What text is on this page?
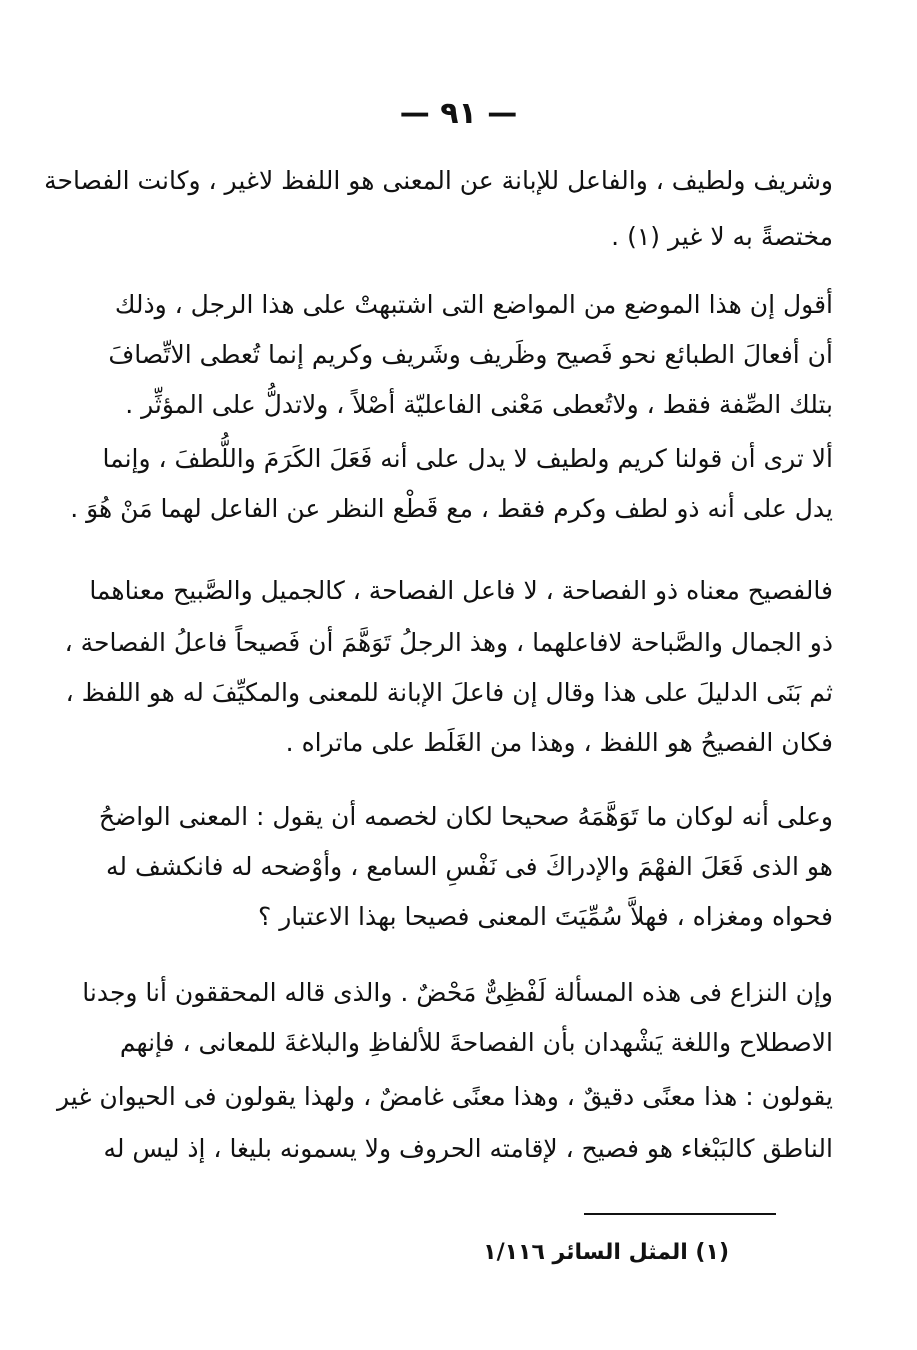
— ٩١ —
وشريف ولطيف ، والفاعل للإبانة عن المعنى هو اللفظ لاغير ، وكانت الفصاحة
مختصةً به لا غير (١) .
أقول إن هذا الموضع من المواضع التى اشتبهتْ على هذا الرجل ، وذلك
أن أفعالَ الطبائع نحو فَصيح وظَريف وشَريف وكريم إنما تُعطى الاتِّصافَ
بتلك الصِّفة فقط ، ولاتُعطى مَعْنى الفاعليّة أصْلاً ، ولاتدلُّ على المؤثِّر .
ألا ترى أن قولنا كريم ولطيف لا يدل على أنه فَعَلَ الكَرَمَ واللُّطفَ ، وإنما
يدل على أنه ذو لطف وكرم فقط ، مع قَطْع النظر عن الفاعل لهما مَنْ هُوَ .
فالفصيح معناه ذو الفصاحة ، لا فاعل الفصاحة ، كالجميل والصَّبيح معناهما
ذو الجمال والصَّباحة لافاعلهما ، وهذ الرجلُ تَوَهَّمَ أن فَصيحاً فاعلُ الفصاحة ،
ثم بَنَى الدليلَ على هذا وقال إن فاعلَ الإبانة للمعنى والمكيِّفَ له هو اللفظ ،
فكان الفصيحُ هو اللفظ ، وهذا من الغَلَط على ماتراه .
وعلى أنه لوكان ما تَوَهَّمَهُ صحيحا لكان لخصمه أن يقول : المعنى الواضحُ
هو الذى فَعَلَ الفهْمَ والإدراكَ فى نَفْسِ السامع ، وأوْضحه له فانكشف له
فحواه ومغزاه ، فهلاَّ سُمِّيَتَ المعنى فصيحا بهذا الاعتبار ؟
وإن النزاع فى هذه المسألة لَفْظِىٌّ مَحْضٌ . والذى قاله المحققون أنا وجدنا
الاصطلاح واللغة يَشْهدان بأن الفصاحةَ للألفاظِ والبلاغةَ للمعانى ، فإنهم
يقولون : هذا معنًى دقيقٌ ، وهذا معنًى غامضٌ ، ولهذا يقولون فى الحيوان غير
الناطق كالبَبْغاء هو فصيح ، لإقامته الحروف ولا يسمونه بليغا ، إذ ليس له
(١) المثل السائر ١/١١٦
